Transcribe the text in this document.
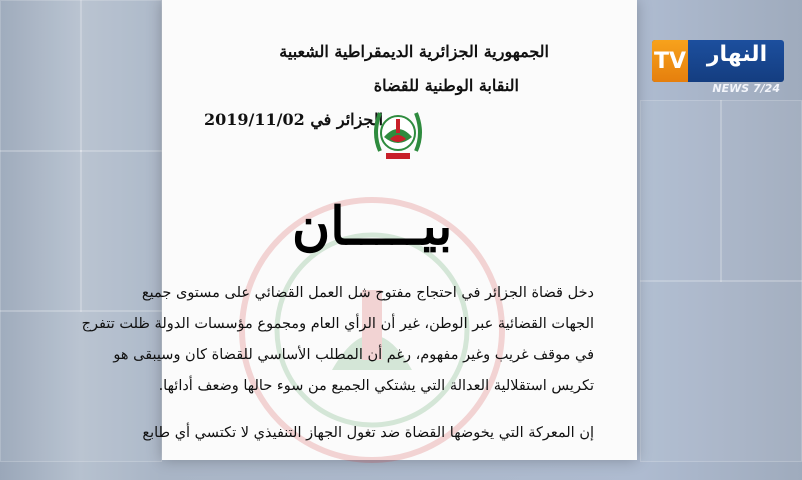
الجمهورية الجزائرية الديمقراطية الشعبية
النقابة الوطنية للقضاة
الجزائر في 2019/11/02
بيـــــان
دخل قضاة الجزائر في احتجاج مفتوح شل العمل القضائي على مستوى جميع
الجهات القضائية عبر الوطن، غير أن الرأي العام ومجموع مؤسسات الدولة ظلت تتفرج
في موقف غريب وغير مفهوم، رغم أن المطلب الأساسي للقضاة كان وسيبقى هو
تكريس استقلالية العدالة التي يشتكي الجميع من سوء حالها وضعف أدائها.
إن المعركة التي يخوضها القضاة ضد تغول الجهاز التنفيذي لا تكتسي أي طابع
TV النهار
NEWS 7/24
